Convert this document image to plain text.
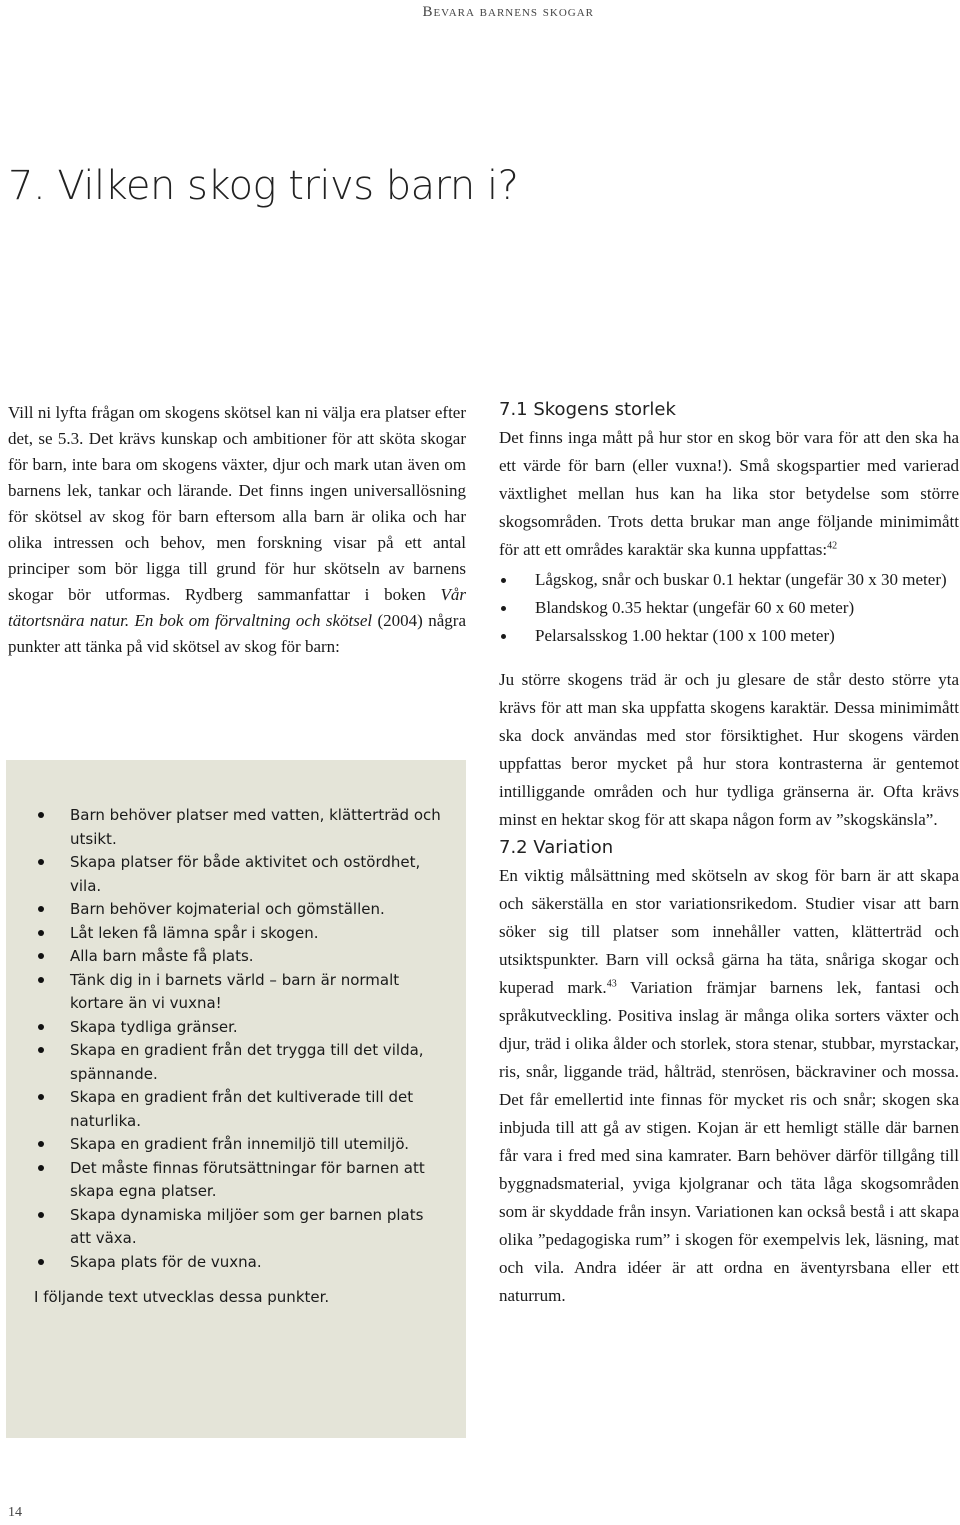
Bevara barnens skogar
7. Vilken skog trivs barn i?

Vill ni lyfta frågan om skogens skötsel kan ni välja era platser efter det, se 5.3. Det krävs kunskap och ambitioner för att sköta skogar för barn, inte bara om skogens växter, djur och mark utan även om barnens lek, tankar och lärande. Det finns ingen universallösning för skötsel av skog för barn eftersom alla barn är olika och har olika intressen och behov, men forskning visar på ett antal principer som bör ligga till grund för hur skötseln av barnens skogar bör utformas. Rydberg sammanfattar i boken Vår tätortsnära natur. En bok om förvaltning och skötsel (2004) några punkter att tänka på vid skötsel av skog för barn:

Barn behöver platser med vatten, klätterträd och utsikt.
Skapa platser för både aktivitet och ostördhet, vila.
Barn behöver kojmaterial och gömställen.
Låt leken få lämna spår i skogen.
Alla barn måste få plats.
Tänk dig in i barnets värld – barn är normalt kortare än vi vuxna!
Skapa tydliga gränser.
Skapa en gradient från det trygga till det vilda, spännande.
Skapa en gradient från det kultiverade till det naturlika.
Skapa en gradient från innemiljö till utemiljö.
Det måste finnas förutsättningar för barnen att skapa egna platser.
Skapa dynamiska miljöer som ger barnen plats att växa.
Skapa plats för de vuxna.

I följande text utvecklas dessa punkter.

7.1 Skogens storlek

Det finns inga mått på hur stor en skog bör vara för att den ska ha ett värde för barn (eller vuxna!). Små skogspartier med varierad växtlighet mellan hus kan ha lika stor betydelse som större skogsområden. Trots detta brukar man ange följande minimimått för att ett områdes karaktär ska kunna uppfattas:$^{42}$

Lågskog, snår och buskar 0.1 hektar (ungefär 30 x 30 meter)
Blandskog 0.35 hektar (ungefär 60 x 60 meter)
Pelarsalsskog 1.00 hektar (100 x 100 meter)

Ju större skogens träd är och ju glesare de står desto större yta krävs för att man ska uppfatta skogens karaktär. Dessa minimimått ska dock användas med stor försiktighet. Hur skogens värden uppfattas beror mycket på hur stora kontrasterna är gentemot intilliggande områden och hur tydliga gränserna är. Ofta krävs minst en hektar skog för att skapa någon form av ”skogskänsla”.

7.2 Variation

En viktig målsättning med skötseln av skog för barn är att skapa och säkerställa en stor variationsrikedom. Studier visar att barn söker sig till platser som innehåller vatten, klätterträd och utsiktspunkter. Barn vill också gärna ha täta, snåriga skogar och kuperad mark.$^{43}$ Variation främjar barnens lek, fantasi och språkutveckling. Positiva inslag är många olika sorters växter och djur, träd i olika ålder och storlek, stora stenar, stubbar, myrstackar, ris, snår, liggande träd, hålträd, stenrösen, bäckraviner och mossa. Det får emellertid inte finnas för mycket ris och snår; skogen ska inbjuda till att gå av stigen. Kojan är ett hemligt ställe där barnen får vara i fred med sina kamrater. Barn behöver därför tillgång till byggnadsmaterial, yviga kjolgranar och täta låga skogsområden som är skyddade från insyn. Variationen kan också bestå i att skapa olika ”pedagogiska rum” i skogen för exempelvis lek, läsning, mat och vila. Andra idéer är att ordna en äventyrsbana eller ett naturrum.

14
